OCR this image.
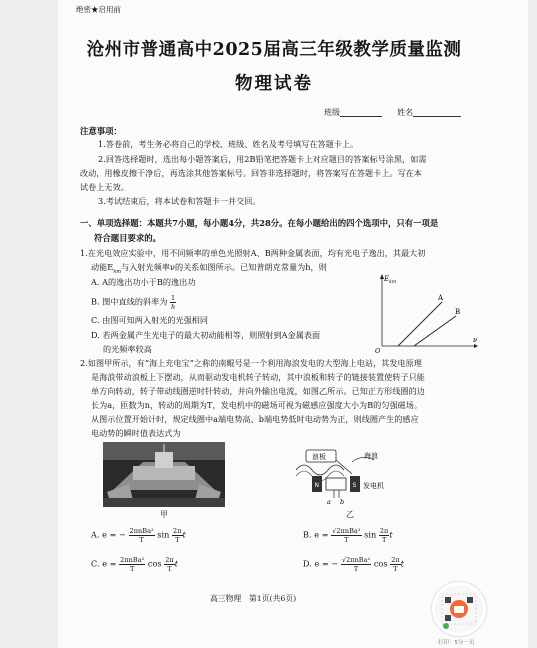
绝密★启用前
沧州市普通高中2025届高三年级教学质量监测
物理试卷
班级	姓名
注意事项：
1.答卷前，考生务必将自己的学校、班级、姓名及考号填写在答题卡上。
2.回答选择题时，选出每小题答案后，用2B铅笔把答题卡上对应题目的答案标号涂黑，如需
改动，用橡皮擦干净后，再选涂其他答案标号。回答非选择题时，将答案写在答题卡上。写在本
试卷上无效。
3.考试结束后，将本试卷和答题卡一并交回。
一、单项选择题：本题共7小题，每小题4分，共28分。在每小题给出的四个选项中，只有一项是
符合题目要求的。
1.在光电效应实验中，用不同频率的单色光照射A、B两种金属表面，均有光电子逸出，其最大初
动能$E_{km}$与入射光频率ν的关系如图所示。已知普朗克常量为h，则
A. A的逸出功小于B的逸出功
B. 图中直线的斜率为 $\frac{1}{h}$
C. 由图可知两入射光的光强相同
D. 若两金属产生光电子的最大初动能相等，则照射到A金属表面
的光频率较高
$E_{km}$
ν
O
A
B
2.如图甲所示，有“海上充电宝”之称的南鲲号是一个利用海浪发电的大型海上电站，其发电原理
是海浪带动浪板上下摆动，从而驱动发电机转子转动，其中浪板和转子的链接装置使转子只能
单方向转动，转子带动线圈逆时针转动，并向外输出电流，如图乙所示。已知正方形线圈的边
长为a，匝数为n，转动的周期为T，发电机中的磁场可视为磁感应强度大小为B的匀强磁场。
从图示位置开始计时，规定线圈中a端电势高、b端电势低时电动势为正，则线圈产生的感应
电动势的瞬时值表达式为
甲
浪板	海浪
N	S
a b
发电机
乙
A. e = − $\frac{\text{2πnBa²}}{T}$ $\sin \frac{2\pi}{T}$ t	B. $e = \frac{\text{√2πnBa²}}{T}$ $\sin \frac{2\pi}{T}$ t
C. $e = \frac{\text{2πnBa²}}{T}$ $\cos \frac{2\pi}{T}$ t	D. e = − $\frac{\text{√2πnBa²}}{T}$ $\cos \frac{2\pi}{T}$ t
高三物理　第1页(共6页)
打印：5分一页
